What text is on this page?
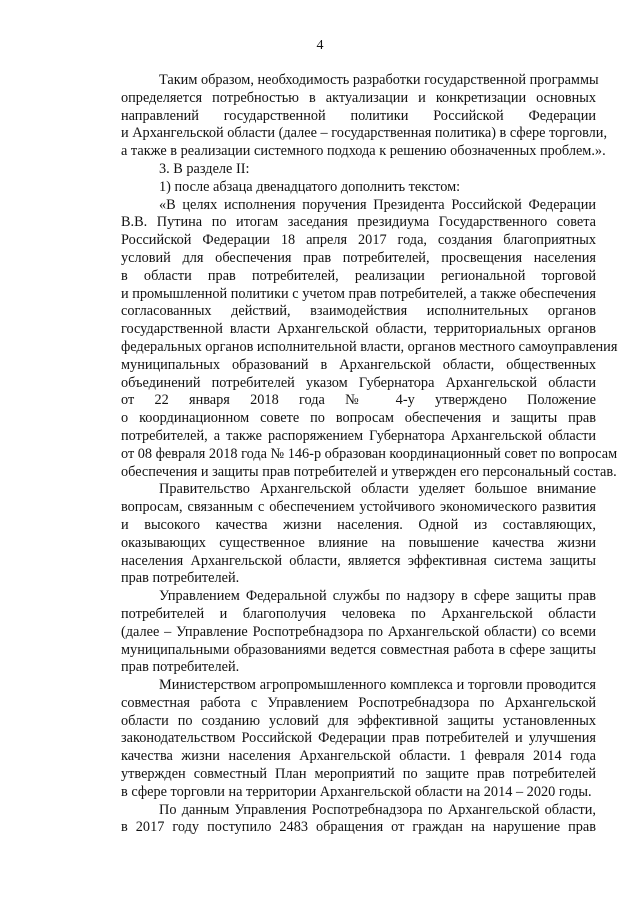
4
Таким образом, необходимость разработки государственной программы
определяется потребностью в актуализации и конкретизации основных
направлений государственной политики Российской Федерации
и Архангельской области (далее – государственная политика) в сфере торговли,
а также в реализации системного подхода к решению обозначенных проблем.».
3. В разделе II:
1) после абзаца двенадцатого дополнить текстом:
«В целях исполнения поручения Президента Российской Федерации
В.В. Путина по итогам заседания президиума Государственного совета
Российской Федерации 18 апреля 2017 года, создания благоприятных
условий для обеспечения прав потребителей, просвещения населения
в области прав потребителей, реализации региональной торговой
и промышленной политики с учетом прав потребителей, а также обеспечения
согласованных действий, взаимодействия исполнительных органов
государственной власти Архангельской области, территориальных органов
федеральных органов исполнительной власти, органов местного самоуправления
муниципальных образований в Архангельской области, общественных
объединений потребителей указом Губернатора Архангельской области
от 22 января 2018 года № 4-у утверждено Положение
о координационном совете по вопросам обеспечения и защиты прав
потребителей, а также распоряжением Губернатора Архангельской области
от 08 февраля 2018 года № 146-р образован координационный совет по вопросам
обеспечения и защиты прав потребителей и утвержден его персональный состав.
Правительство Архангельской области уделяет большое внимание
вопросам, связанным с обеспечением устойчивого экономического развития
и высокого качества жизни населения. Одной из составляющих,
оказывающих существенное влияние на повышение качества жизни
населения Архангельской области, является эффективная система защиты
прав потребителей.
Управлением Федеральной службы по надзору в сфере защиты прав
потребителей и благополучия человека по Архангельской области
(далее – Управление Роспотребнадзора по Архангельской области) со всеми
муниципальными образованиями ведется совместная работа в сфере защиты
прав потребителей.
Министерством агропромышленного комплекса и торговли проводится
совместная работа с Управлением Роспотребнадзора по Архангельской
области по созданию условий для эффективной защиты установленных
законодательством Российской Федерации прав потребителей и улучшения
качества жизни населения Архангельской области. 1 февраля 2014 года
утвержден совместный План мероприятий по защите прав потребителей
в сфере торговли на территории Архангельской области на 2014 – 2020 годы.
По данным Управления Роспотребнадзора по Архангельской области,
в 2017 году поступило 2483 обращения от граждан на нарушение прав
